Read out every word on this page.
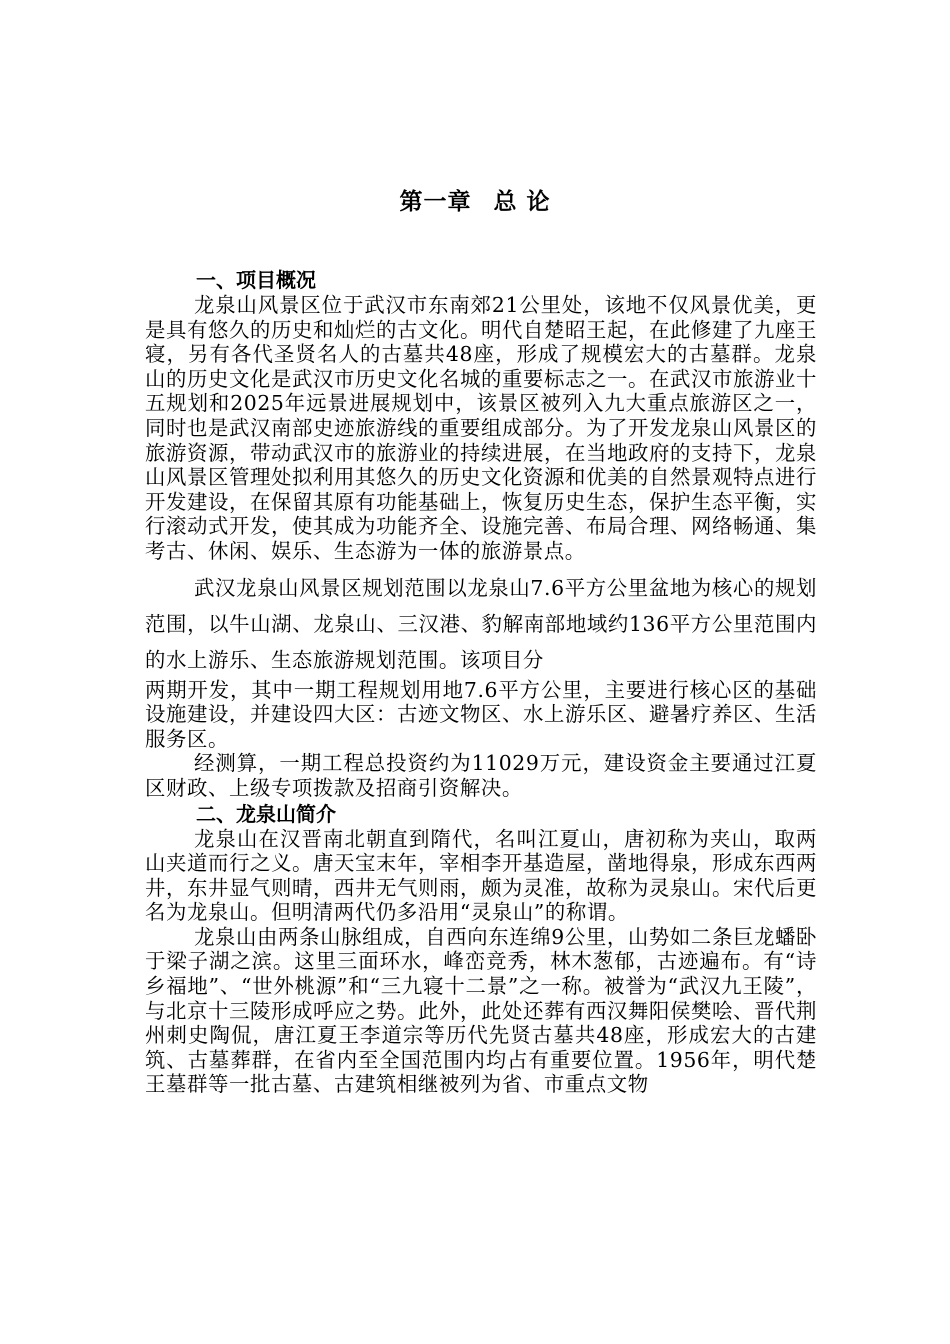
第一章 总 论
一、项目概况

龙泉山风景区位于武汉市东南郊21公里处，该地不仅风景优美，更是具有悠久的历史和灿烂的古文化。明代自楚昭王起，在此修建了九座王寝，另有各代圣贤名人的古墓共48座，形成了规模宏大的古墓群。龙泉山的历史文化是武汉市历史文化名城的重要标志之一。在武汉市旅游业十五规划和2025年远景进展规划中，该景区被列入九大重点旅游区之一，同时也是武汉南部史迹旅游线的重要组成部分。为了开发龙泉山风景区的旅游资源，带动武汉市的旅游业的持续进展，在当地政府的支持下，龙泉山风景区管理处拟利用其悠久的历史文化资源和优美的自然景观特点进行开发建设，在保留其原有功能基础上，恢复历史生态，保护生态平衡，实行滚动式开发，使其成为功能齐全、设施完善、布局合理、网络畅通、集考古、休闲、娱乐、生态游为一体的旅游景点。

武汉龙泉山风景区规划范围以龙泉山7.6平方公里盆地为核心的规划范围，以牛山湖、龙泉山、三汉港、豹解南部地域约136平方公里范围内的水上游乐、生态旅游规划范围。该项目分

两期开发，其中一期工程规划用地7.6平方公里，主要进行核心区的基础设施建设，并建设四大区：古迹文物区、水上游乐区、避暑疗养区、生活服务区。

经测算，一期工程总投资约为11029万元，建设资金主要通过江夏区财政、上级专项拨款及招商引资解决。

二、龙泉山简介

龙泉山在汉晋南北朝直到隋代，名叫江夏山，唐初称为夹山，取两山夹道而行之义。唐天宝末年，宰相李开基造屋，凿地得泉，形成东西两井，东井显气则晴，西井无气则雨，颇为灵准，故称为灵泉山。宋代后更名为龙泉山。但明清两代仍多沿用“灵泉山”的称谓。

龙泉山由两条山脉组成，自西向东连绵9公里，山势如二条巨龙蟠卧于梁子湖之滨。这里三面环水，峰峦竞秀，林木葱郁，古迹遍布。有“诗乡福地”、“世外桃源”和“三九寝十二景”之一称。被誉为“武汉九王陵”，与北京十三陵形成呼应之势。此外，此处还葬有西汉舞阳侯樊哙、晋代荆州刺史陶侃，唐江夏王李道宗等历代先贤古墓共48座，形成宏大的古建筑、古墓葬群，在省内至全国范围内均占有重要位置。1956年，明代楚王墓群等一批古墓、古建筑相继被列为省、市重点文物
